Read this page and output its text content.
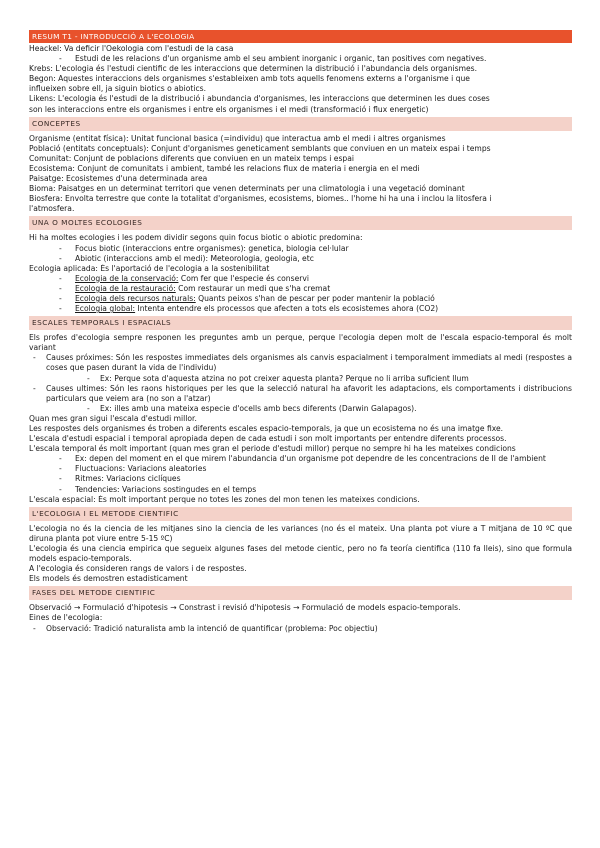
RESUM T1 - INTRODUCCIÓ A L'ECOLOGIA

Heackel: Va deficir l'Oekologia com l'estudi de la casa

- Estudi de les relacions d'un organisme amb el seu ambient inorganic i organic, tan positives com negatives.

Krebs: L'ecologia és l'estudi cientific de les interaccions que determinen la distribució i l'abundancia dels organismes.

Begon: Aquestes interaccions dels organismes s'estableixen amb tots aquells fenomens externs a l'organisme i que

influeixen sobre ell, ja siguin biotics o abiotics.

Likens: L'ecologia és l'estudi de la distribució i abundancia d'organismes, les interaccions que determinen les dues coses

son les interaccions entre els organismes i entre els organismes i el medi (transformació i flux energetic)

CONCEPTES

Organisme (entitat física): Unitat funcional basica (=individu) que interactua amb el medi i altres organismes

Població (entitats conceptuals): Conjunt d'organismes geneticament semblants que conviuen en un mateix espai i temps

Comunitat: Conjunt de poblacions diferents que conviuen en un mateix temps i espai

Ecosistema: Conjunt de comunitats i ambient, també les relacions flux de materia i energia en el medi

Paisatge: Ecosistemes d'una determinada area

Bioma: Paisatges en un determinat territori que venen determinats per una climatologia i una vegetació dominant

Biosfera: Envolta terrestre que conte la totalitat d'organismes, ecosistems, biomes.. l'home hi ha una i inclou la litosfera i

l'atmosfera.

UNA O MOLTES ECOLOGIES

Hi ha moltes ecologies i les podem dividir segons quin focus biotic o abiotic predomina:

- Focus biotic (interaccions entre organismes): genetica, biologia cel·lular

- Abiotic (interaccions amb el medi): Meteorologia, geologia, etc

Ecologia aplicada: És l'aportació de l'ecologia a la sostenibilitat

- Ecologia de la conservació: Com fer que l'especie és conservi

- Ecologia de la restauració: Com restaurar un medi que s'ha cremat

- Ecologia dels recursos naturals: Quants peixos s'han de pescar per poder mantenir la població

- Ecologia global: Intenta entendre els processos que afecten a tots els ecosistemes ahora (CO2)

ESCALES TEMPORALS I ESPACIALS

Els profes d'ecologia sempre responen les preguntes amb un perque, perque l'ecologia depen molt de l'escala espacio-temporal és molt variant

- Causes próximes: Són les respostes immediates dels organismes als canvis espacialment i temporalment immediats al medi (respostes a coses que pasen durant la vida de l'individu)

- Ex: Perque sota d'aquesta atzina no pot creixer aquesta planta? Perque no li arriba suficient llum

- Causes ultimes: Són les raons historiques per les que la selecció natural ha afavorit les adaptacions, els comportaments i distribucions particulars que veiem ara (no son a l'atzar)

- Ex: illes amb una mateixa especie d'ocells amb becs diferents (Darwin Galapagos).

Quan mes gran sigui l'escala d'estudi millor.

Les respostes dels organismes és troben a diferents escales espacio-temporals, ja que un ecosistema no és una imatge fixe.

L'escala d'estudi espacial i temporal apropiada depen de cada estudi i son molt importants per entendre diferents processos.

L'escala temporal és molt important (quan mes gran el periode d'estudi millor) perque no sempre hi ha les mateixes condicions

- Ex: depen del moment en el que mirem l'abundancia d'un organisme pot dependre de les concentracions de Il de l'ambient

- Fluctuacions: Variacions aleatories

- Ritmes: Variacions ciclíques

- Tendencies: Variacions sostingudes en el temps

L'escala espacial: És molt important perque no totes les zones del mon tenen les mateixes condicions.

L'ECOLOGIA I EL METODE CIENTIFIC

L'ecologia no és la ciencia de les mitjanes sino la ciencia de les variances (no és el mateix. Una planta pot viure a T mitjana de 10 ºC que diruna planta pot viure entre 5-15 ºC)

L'ecologia és una ciencia empirica que segueix algunes fases del metode cientic, pero no fa teoría cientifica (110 fa lleis), sino que formula models espacio-temporals.

A l'ecologia és consideren rangs de valors i de respostes.

Els models és demostren estadisticament

FASES DEL METODE CIENTIFIC

Observació → Formulació d'hipotesis → Constrast i revisió d'hipotesis → Formulació de models espacio-temporals.

Eines de l'ecologia:

- Observació: Tradició naturalista amb la intenció de quantificar (problema: Poc objectiu)
